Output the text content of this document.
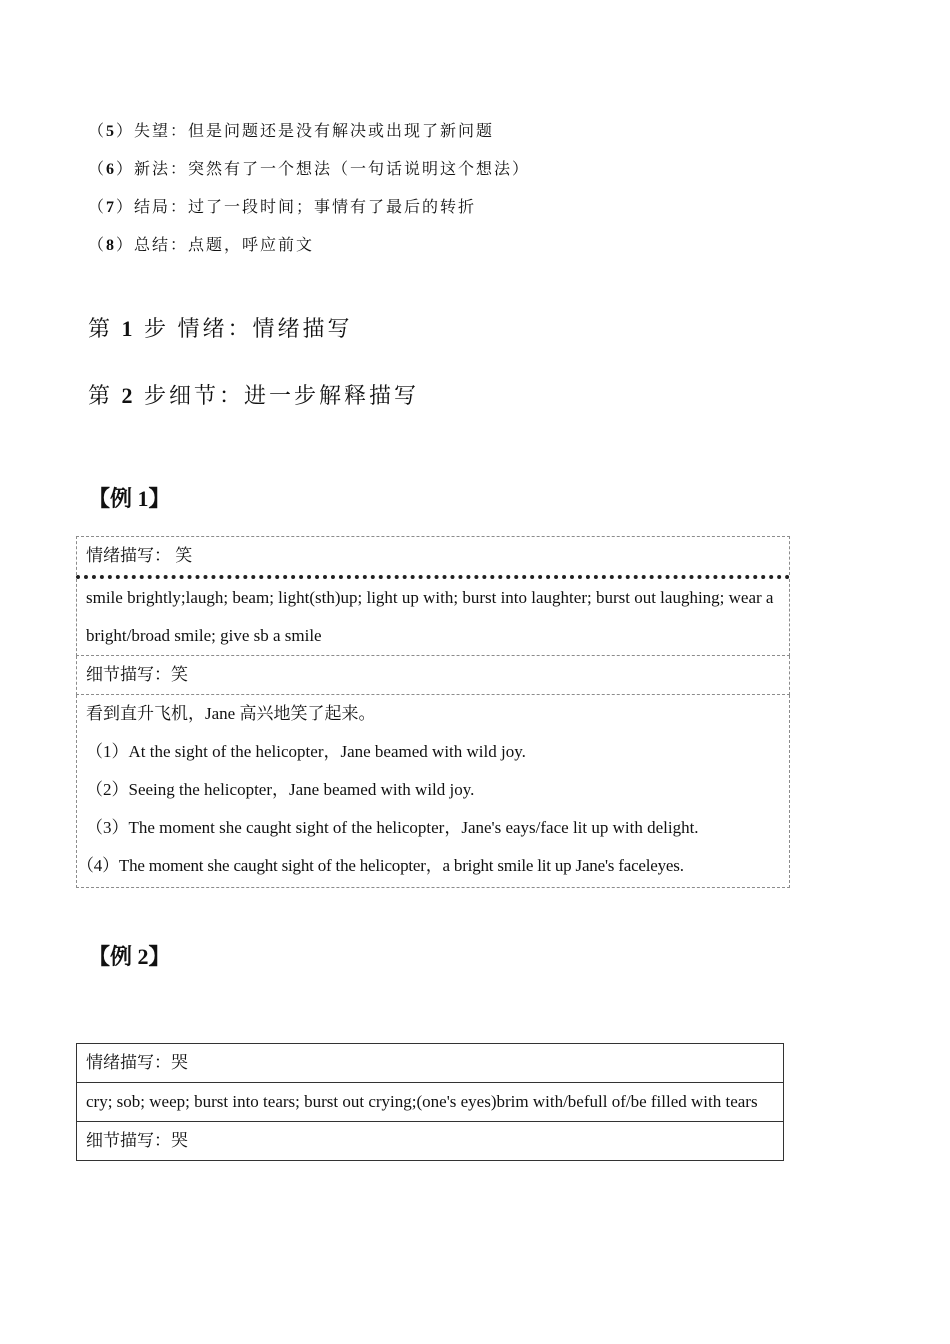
（5）失望：但是问题还是没有解决或出现了新问题
（6）新法：突然有了一个想法（一句话说明这个想法）
（7）结局：过了一段时间；事情有了最后的转折
（8）总结：点题，呼应前文
第 1 步 情绪：情绪描写
第 2 步细节：进一步解释描写
【例 1】
情绪描写： 笑
smile brightly;laugh; beam; light(sth)up; light up with; burst into laughter; burst out laughing; wear a bright/broad smile; give sb a smile
细节描写：笑

看到直升飞机，Jane 高兴地笑了起来。
（1）At the sight of the helicopter，Jane beamed with wild joy.
（2）Seeing the helicopter，Jane beamed with wild joy.
（3）The moment she caught sight of the helicopter，Jane's eays/face lit up with delight.
（4）The moment she caught sight of the helicopter，a bright smile lit up Jane's faceleyes.
【例 2】
情绪描写：哭
cry; sob; weep; burst into tears; burst out crying;(one's eyes)brim with/befull of/be filled with tears
细节描写：哭
